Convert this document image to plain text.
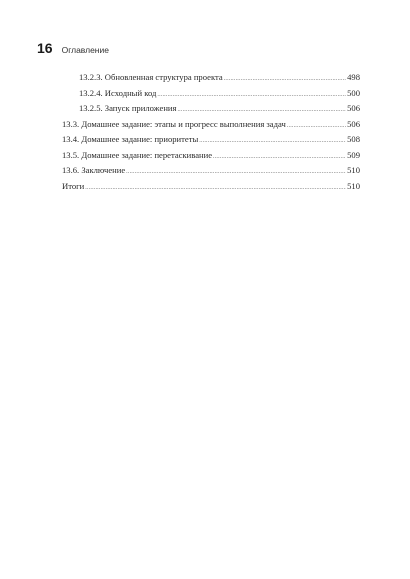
16 Оглавление
13.2.3. Обновленная структура проекта .....	498
13.2.4. Исходный код .....	500
13.2.5. Запуск приложения .....	506
13.3. Домашнее задание: этапы и прогресс выполнения задач .....	506
13.4. Домашнее задание: приоритеты .....	508
13.5. Домашнее задание: перетаскивание .....	509
13.6. Заключение .....	510
Итоги .....	510
